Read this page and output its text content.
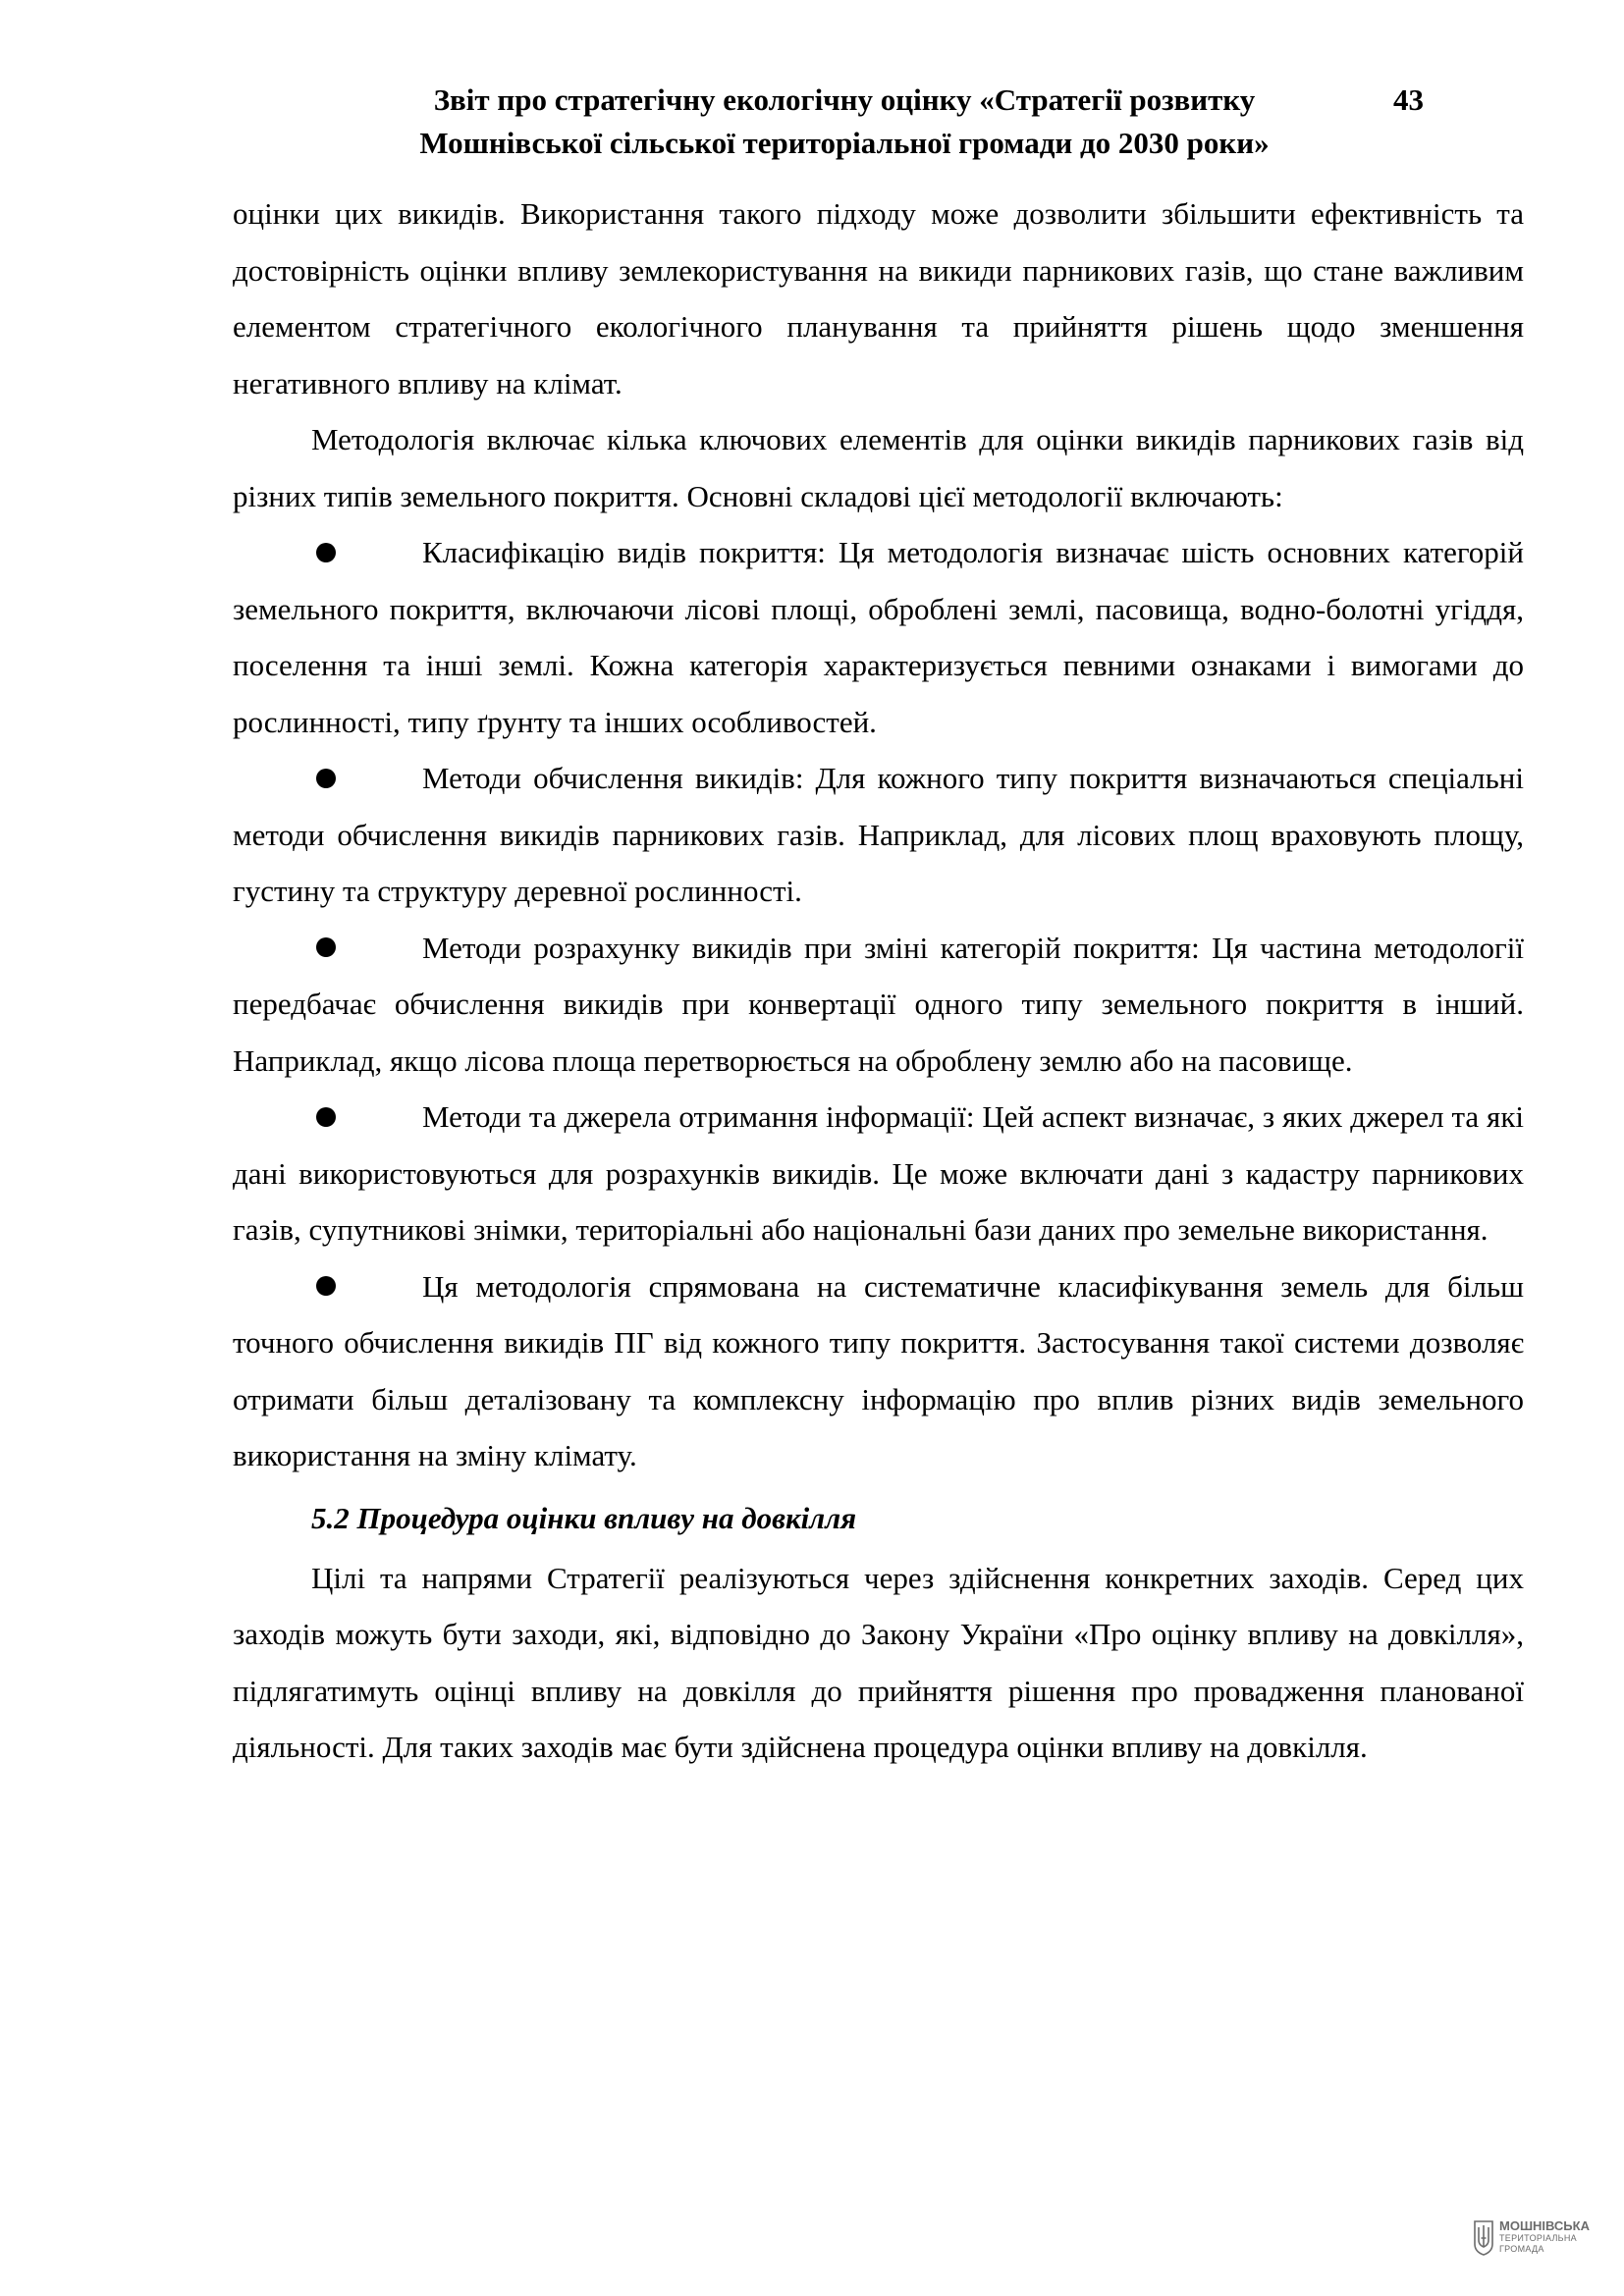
Звіт про стратегічну екологічну оцінку «Стратегії розвитку
Мошнівської сільської територіальної громади до 2030 роки»
43

оцінки цих викидів. Використання такого підходу може дозволити збільшити ефективність та достовірність оцінки впливу землекористування на викиди парникових газів, що стане важливим елементом стратегічного екологічного планування та прийняття рішень щодо зменшення негативного впливу на клімат.

Методологія включає кілька ключових елементів для оцінки викидів парникових газів від різних типів земельного покриття. Основні складові цієї методології включають:

Класифікацію видів покриття: Ця методологія визначає шість основних категорій земельного покриття, включаючи лісові площі, оброблені землі, пасовища, водно-болотні угіддя, поселення та інші землі. Кожна категорія характеризується певними ознаками і вимогами до рослинності, типу ґрунту та інших особливостей.

Методи обчислення викидів: Для кожного типу покриття визначаються спеціальні методи обчислення викидів парникових газів. Наприклад, для лісових площ враховують площу, густину та структуру деревної рослинності.

Методи розрахунку викидів при зміні категорій покриття: Ця частина методології передбачає обчислення викидів при конвертації одного типу земельного покриття в інший. Наприклад, якщо лісова площа перетворюється на оброблену землю або на пасовище.

Методи та джерела отримання інформації: Цей аспект визначає, з яких джерел та які дані використовуються для розрахунків викидів. Це може включати дані з кадастру парникових газів, супутникові знімки, територіальні або національні бази даних про земельне використання.

Ця методологія спрямована на систематичне класифікування земель для більш точного обчислення викидів ПГ від кожного типу покриття. Застосування такої системи дозволяє отримати більш деталізовану та комплексну інформацію про вплив різних видів земельного використання на зміну клімату.

5.2 Процедура оцінки впливу на довкілля

Цілі та напрями Стратегії реалізуються через здійснення конкретних заходів. Серед цих заходів можуть бути заходи, які, відповідно до Закону України «Про оцінку впливу на довкілля», підлягатимуть оцінці впливу на довкілля до прийняття рішення про провадження планованої діяльності. Для таких заходів має бути здійснена процедура оцінки впливу на довкілля.

МОШНІВСЬКА
ТЕРИТОРІАЛЬНА
ГРОМАДА
